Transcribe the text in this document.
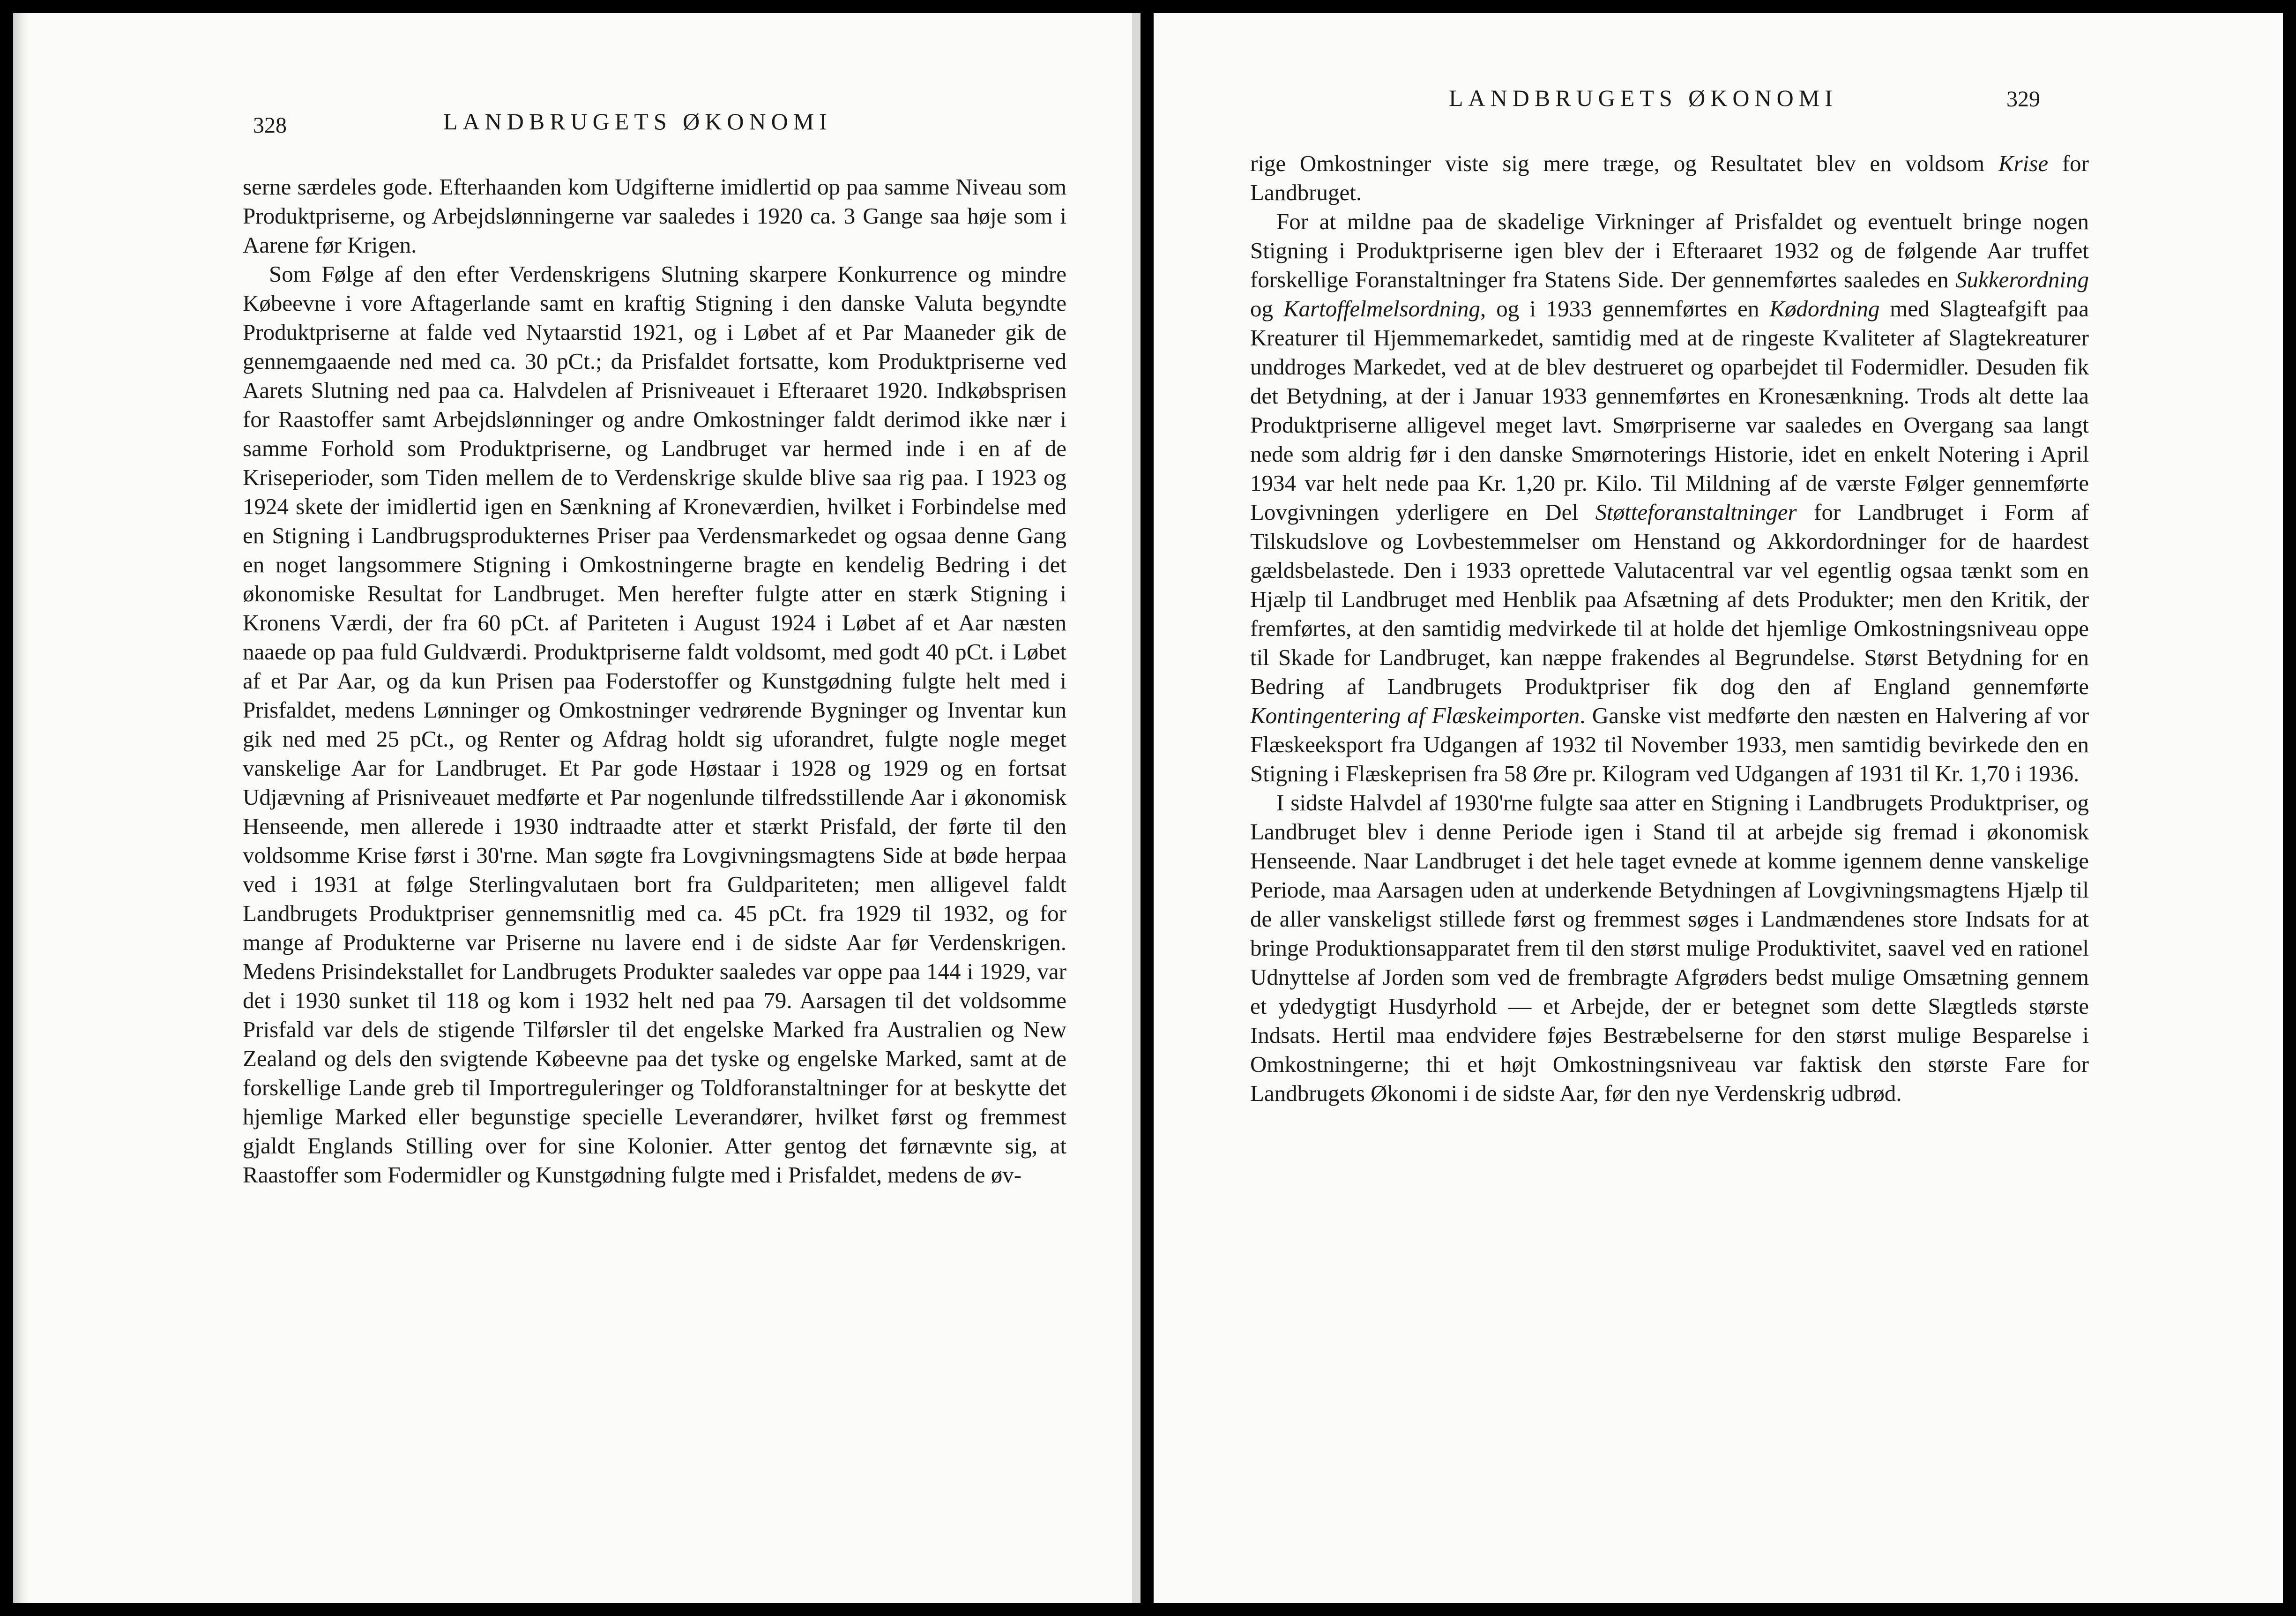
328	LANDBRUGETS ØKONOMI

serne særdeles gode. Efterhaanden kom Udgifterne imidlertid op paa samme Niveau som Produktpriserne, og Arbejdslønningerne var saaledes i 1920 ca. 3 Gange saa høje som i Aarene før Krigen.

Som Følge af den efter Verdenskrigens Slutning skarpere Konkurrence og mindre Købeevne i vore Aftagerlande samt en kraftig Stigning i den danske Valuta begyndte Produktpriserne at falde ved Nytaarstid 1921, og i Løbet af et Par Maaneder gik de gennemgaaende ned med ca. 30 pCt.; da Prisfaldet fortsatte, kom Produktpriserne ved Aarets Slutning ned paa ca. Halvdelen af Prisniveauet i Efteraaret 1920. Indkøbsprisen for Raastoffer samt Arbejdslønninger og andre Omkostninger faldt derimod ikke nær i samme Forhold som Produktpriserne, og Landbruget var hermed inde i en af de Kriseperioder, som Tiden mellem de to Verdenskrige skulde blive saa rig paa. I 1923 og 1924 skete der imidlertid igen en Sænkning af Kroneværdien, hvilket i Forbindelse med en Stigning i Landbrugsprodukternes Priser paa Verdensmarkedet og ogsaa denne Gang en noget langsommere Stigning i Omkostningerne bragte en kendelig Bedring i det økonomiske Resultat for Landbruget. Men herefter fulgte atter en stærk Stigning i Kronens Værdi, der fra 60 pCt. af Pariteten i August 1924 i Løbet af et Aar næsten naaede op paa fuld Guldværdi. Produktpriserne faldt voldsomt, med godt 40 pCt. i Løbet af et Par Aar, og da kun Prisen paa Foderstoffer og Kunstgødning fulgte helt med i Prisfaldet, medens Lønninger og Omkostninger vedrørende Bygninger og Inventar kun gik ned med 25 pCt., og Renter og Afdrag holdt sig uforandret, fulgte nogle meget vanskelige Aar for Landbruget. Et Par gode Høstaar i 1928 og 1929 og en fortsat Udjævning af Prisniveauet medførte et Par nogenlunde tilfredsstillende Aar i økonomisk Henseende, men allerede i 1930 indtraadte atter et stærkt Prisfald, der førte til den voldsomme Krise først i 30'rne. Man søgte fra Lovgivningsmagtens Side at bøde herpaa ved i 1931 at følge Sterlingvalutaen bort fra Guldpariteten; men alligevel faldt Landbrugets Produktpriser gennemsnitlig med ca. 45 pCt. fra 1929 til 1932, og for mange af Produkterne var Priserne nu lavere end i de sidste Aar før Verdenskrigen. Medens Prisindekstallet for Landbrugets Produkter saaledes var oppe paa 144 i 1929, var det i 1930 sunket til 118 og kom i 1932 helt ned paa 79. Aarsagen til det voldsomme Prisfald var dels de stigende Tilførsler til det engelske Marked fra Australien og New Zealand og dels den svigtende Købeevne paa det tyske og engelske Marked, samt at de forskellige Lande greb til Importreguleringer og Toldforanstaltninger for at beskytte det hjemlige Marked eller begunstige specielle Leverandører, hvilket først og fremmest gjaldt Englands Stilling over for sine Kolonier. Atter gentog det førnævnte sig, at Raastoffer som Fodermidler og Kunstgødning fulgte med i Prisfaldet, medens de øv-

LANDBRUGETS ØKONOMI	329

rige Omkostninger viste sig mere træge, og Resultatet blev en voldsom Krise for Landbruget.

For at mildne paa de skadelige Virkninger af Prisfaldet og eventuelt bringe nogen Stigning i Produktpriserne igen blev der i Efteraaret 1932 og de følgende Aar truffet forskellige Foranstaltninger fra Statens Side. Der gennemførtes saaledes en Sukkerordning og Kartoffelmelsordning, og i 1933 gennemførtes en Kødordning med Slagteafgift paa Kreaturer til Hjemmemarkedet, samtidig med at de ringeste Kvaliteter af Slagtekreaturer unddroges Markedet, ved at de blev destrueret og oparbejdet til Fodermidler. Desuden fik det Betydning, at der i Januar 1933 gennemførtes en Kronesænkning. Trods alt dette laa Produktpriserne alligevel meget lavt. Smørpriserne var saaledes en Overgang saa langt nede som aldrig før i den danske Smørnoterings Historie, idet en enkelt Notering i April 1934 var helt nede paa Kr. 1,20 pr. Kilo. Til Mildning af de værste Følger gennemførte Lovgivningen yderligere en Del Støtteforanstaltninger for Landbruget i Form af Tilskudslove og Lovbestemmelser om Henstand og Akkordordninger for de haardest gældsbelastede. Den i 1933 oprettede Valutacentral var vel egentlig ogsaa tænkt som en Hjælp til Landbruget med Henblik paa Afsætning af dets Produkter; men den Kritik, der fremførtes, at den samtidig medvirkede til at holde det hjemlige Omkostningsniveau oppe til Skade for Landbruget, kan næppe frakendes al Begrundelse. Størst Betydning for en Bedring af Landbrugets Produktpriser fik dog den af England gennemførte Kontingentering af Flæskeimporten. Ganske vist medførte den næsten en Halvering af vor Flæskeeksport fra Udgangen af 1932 til November 1933, men samtidig bevirkede den en Stigning i Flæskeprisen fra 58 Øre pr. Kilogram ved Udgangen af 1931 til Kr. 1,70 i 1936.

I sidste Halvdel af 1930'rne fulgte saa atter en Stigning i Landbrugets Produktpriser, og Landbruget blev i denne Periode igen i Stand til at arbejde sig fremad i økonomisk Henseende. Naar Landbruget i det hele taget evnede at komme igennem denne vanskelige Periode, maa Aarsagen uden at underkende Betydningen af Lovgivningsmagtens Hjælp til de aller vanskeligst stillede først og fremmest søges i Landmændenes store Indsats for at bringe Produktionsapparatet frem til den størst mulige Produktivitet, saavel ved en rationel Udnyttelse af Jorden som ved de frembragte Afgrøders bedst mulige Omsætning gennem et ydedygtigt Husdyrhold — et Arbejde, der er betegnet som dette Slægtleds største Indsats. Hertil maa endvidere føjes Bestræbelserne for den størst mulige Besparelse i Omkostningerne; thi et højt Omkostningsniveau var faktisk den største Fare for Landbrugets Økonomi i de sidste Aar, før den nye Verdenskrig udbrød.
